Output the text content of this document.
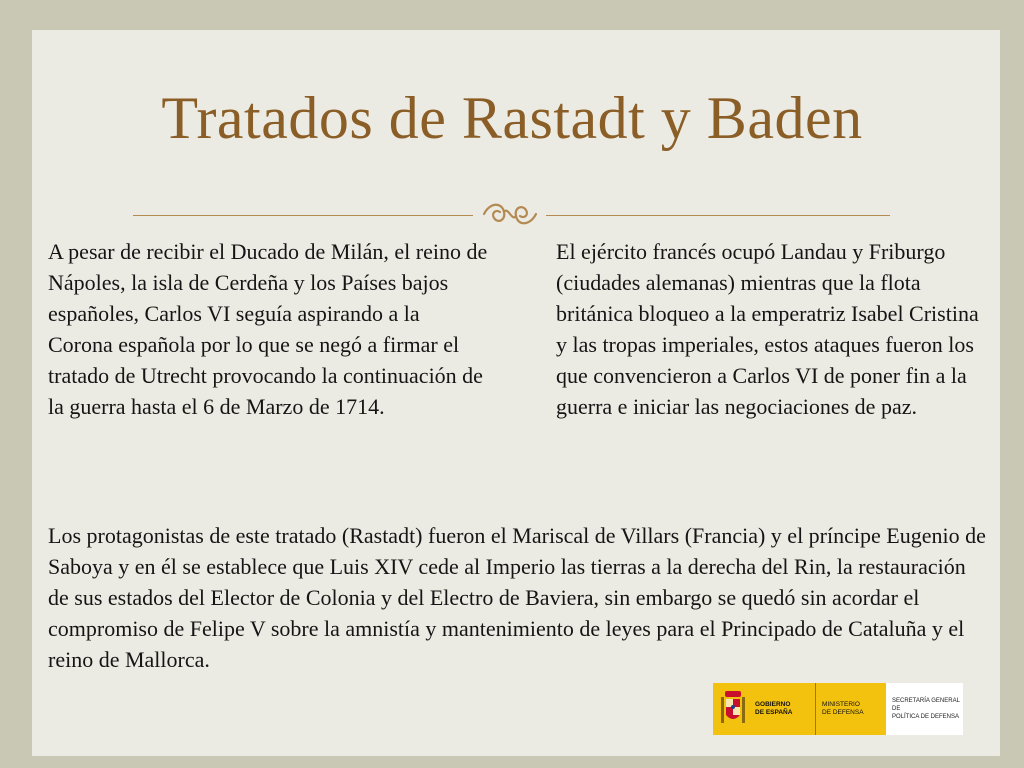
Tratados de Rastadt y Baden
A pesar de recibir el Ducado de Milán, el reino de Nápoles, la isla de Cerdeña y los Países bajos españoles, Carlos VI seguía aspirando a la Corona española por lo que se negó a firmar el tratado de Utrecht provocando la continuación de la guerra hasta el 6 de Marzo de 1714.
El ejército francés ocupó Landau y Friburgo (ciudades alemanas) mientras que la flota británica bloqueo a la emperatriz Isabel Cristina y las tropas imperiales, estos ataques fueron los que convencieron a Carlos VI de poner fin a la guerra e iniciar las negociaciones de paz.
Los protagonistas de este tratado (Rastadt) fueron el Mariscal de Villars (Francia) y el príncipe Eugenio de Saboya y en él se establece que Luis XIV cede al Imperio las tierras a la derecha del Rin, la restauración de sus estados del Elector de Colonia y del Electro de Baviera, sin embargo se quedó sin acordar el compromiso de Felipe V sobre la amnistía y mantenimiento de leyes para el Principado de Cataluña y el reino de Mallorca.
GOBIERNO
DE ESPAÑA
MINISTERIO
DE DEFENSA
SECRETARÍA GENERAL DE
POLÍTICA DE DEFENSA
